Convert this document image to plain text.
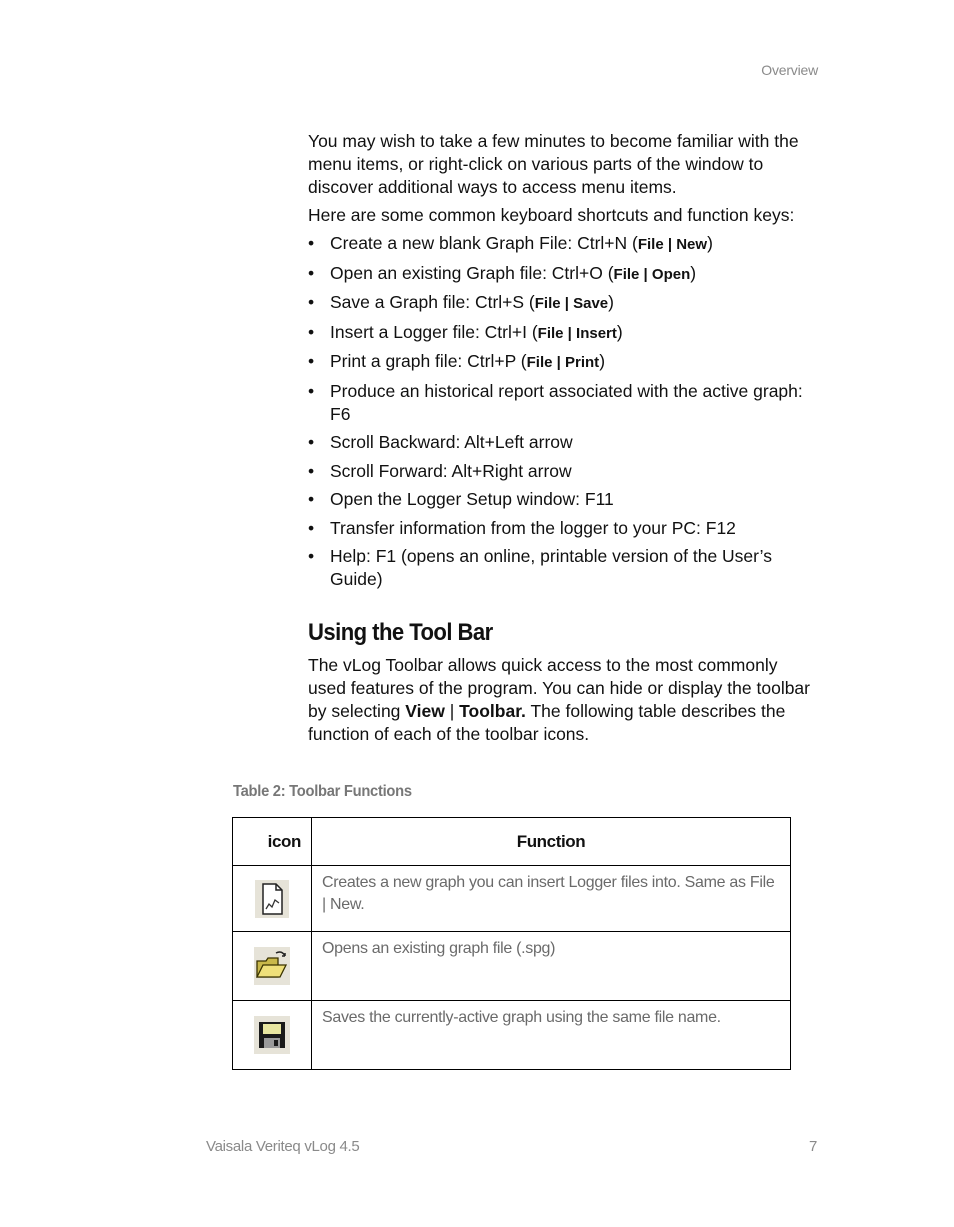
Overview

You may wish to take a few minutes to become familiar with the menu items, or right-click on various parts of the window to discover additional ways to access menu items.

Here are some common keyboard shortcuts and function keys:

• Create a new blank Graph File: Ctrl+N (File | New)
• Open an existing Graph file: Ctrl+O (File | Open)
• Save a Graph file: Ctrl+S (File | Save)
• Insert a Logger file: Ctrl+I (File | Insert)
• Print a graph file: Ctrl+P (File | Print)
• Produce an historical report associated with the active graph: F6
• Scroll Backward: Alt+Left arrow
• Scroll Forward: Alt+Right arrow
• Open the Logger Setup window: F11
• Transfer information from the logger to your PC: F12
• Help: F1 (opens an online, printable version of the User’s Guide)
Using the Tool Bar

The vLog Toolbar allows quick access to the most commonly used features of the program. You can hide or display the toolbar by selecting View | Toolbar. The following table describes the function of each of the toolbar icons.

Table 2: Toolbar Functions
icon	Function
	Creates a new graph you can insert Logger files into. Same as File | New.
	Opens an existing graph file (.spg)
	Saves the currently-active graph using the same file name.
Vaisala Veriteq vLog 4.5	7
